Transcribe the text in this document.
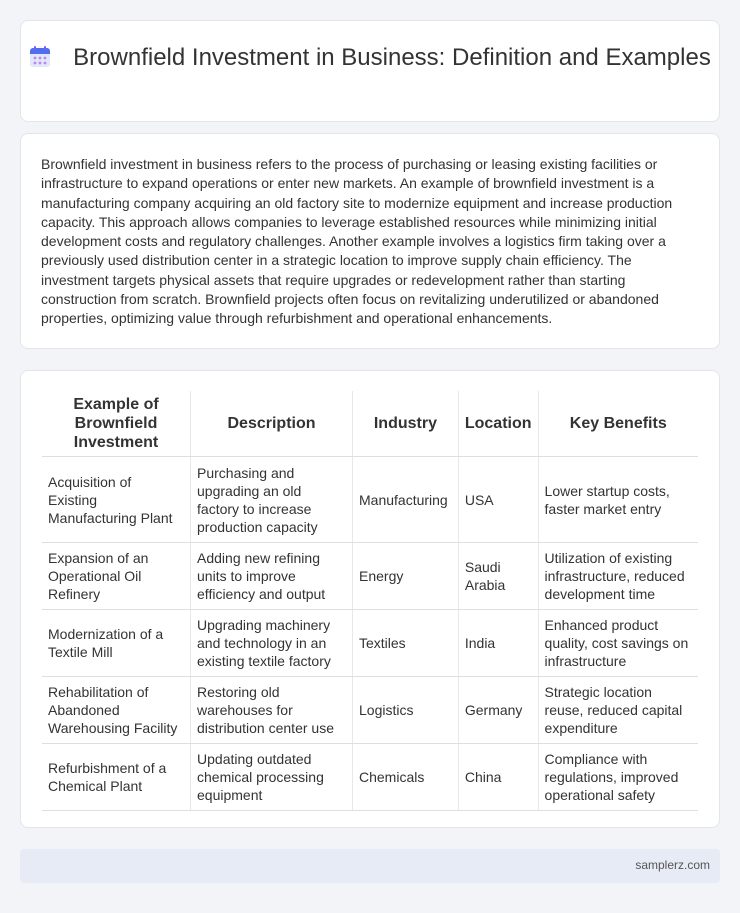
Brownfield Investment in Business: Definition and Examples

Brownfield investment in business refers to the process of purchasing or leasing existing facilities or infrastructure to expand operations or enter new markets. An example of brownfield investment is a manufacturing company acquiring an old factory site to modernize equipment and increase production capacity. This approach allows companies to leverage established resources while minimizing initial development costs and regulatory challenges. Another example involves a logistics firm taking over a previously used distribution center in a strategic location to improve supply chain efficiency. The investment targets physical assets that require upgrades or redevelopment rather than starting construction from scratch. Brownfield projects often focus on revitalizing underutilized or abandoned properties, optimizing value through refurbishment and operational enhancements.

Example of Brownfield Investment	Description	Industry	Location	Key Benefits
Acquisition of Existing Manufacturing Plant	Purchasing and upgrading an old factory to increase production capacity	Manufacturing	USA	Lower startup costs, faster market entry
Expansion of an Operational Oil Refinery	Adding new refining units to improve efficiency and output	Energy	Saudi Arabia	Utilization of existing infrastructure, reduced development time
Modernization of a Textile Mill	Upgrading machinery and technology in an existing textile factory	Textiles	India	Enhanced product quality, cost savings on infrastructure
Rehabilitation of Abandoned Warehousing Facility	Restoring old warehouses for distribution center use	Logistics	Germany	Strategic location reuse, reduced capital expenditure
Refurbishment of a Chemical Plant	Updating outdated chemical processing equipment	Chemicals	China	Compliance with regulations, improved operational safety
samplerz.com
